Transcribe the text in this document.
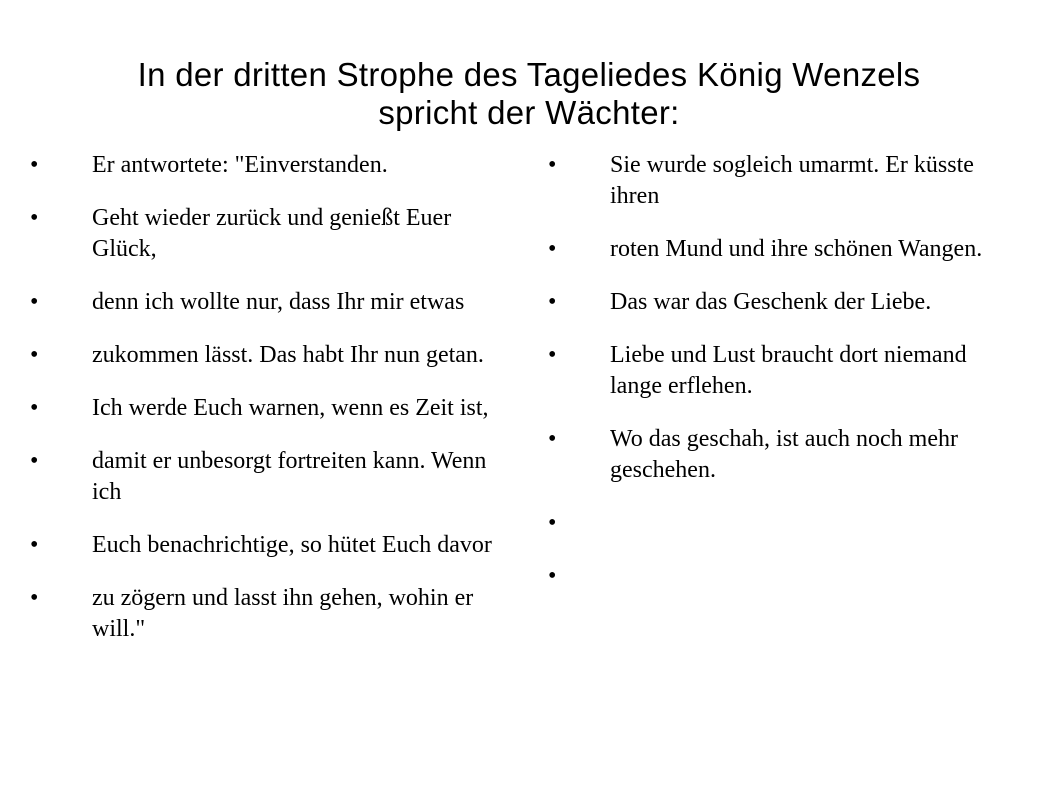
In der dritten Strophe des Tageliedes König Wenzels
spricht der Wächter:
• Er antwortete: "Einverstanden.
• Geht wieder zurück und genießt Euer Glück,
• denn ich wollte nur, dass Ihr mir etwas
• zukommen lässt. Das habt Ihr nun getan.
• Ich werde Euch warnen, wenn es Zeit ist,
• damit er unbesorgt fortreiten kann. Wenn ich
• Euch benachrichtige, so hütet Euch davor
• zu zögern und lasst ihn gehen, wohin er will."
• Sie wurde sogleich umarmt. Er küsste ihren
• roten Mund und ihre schönen Wangen.
• Das war das Geschenk der Liebe.
• Liebe und Lust braucht dort niemand lange erflehen.
• Wo das geschah, ist auch noch mehr geschehen.
•
•
